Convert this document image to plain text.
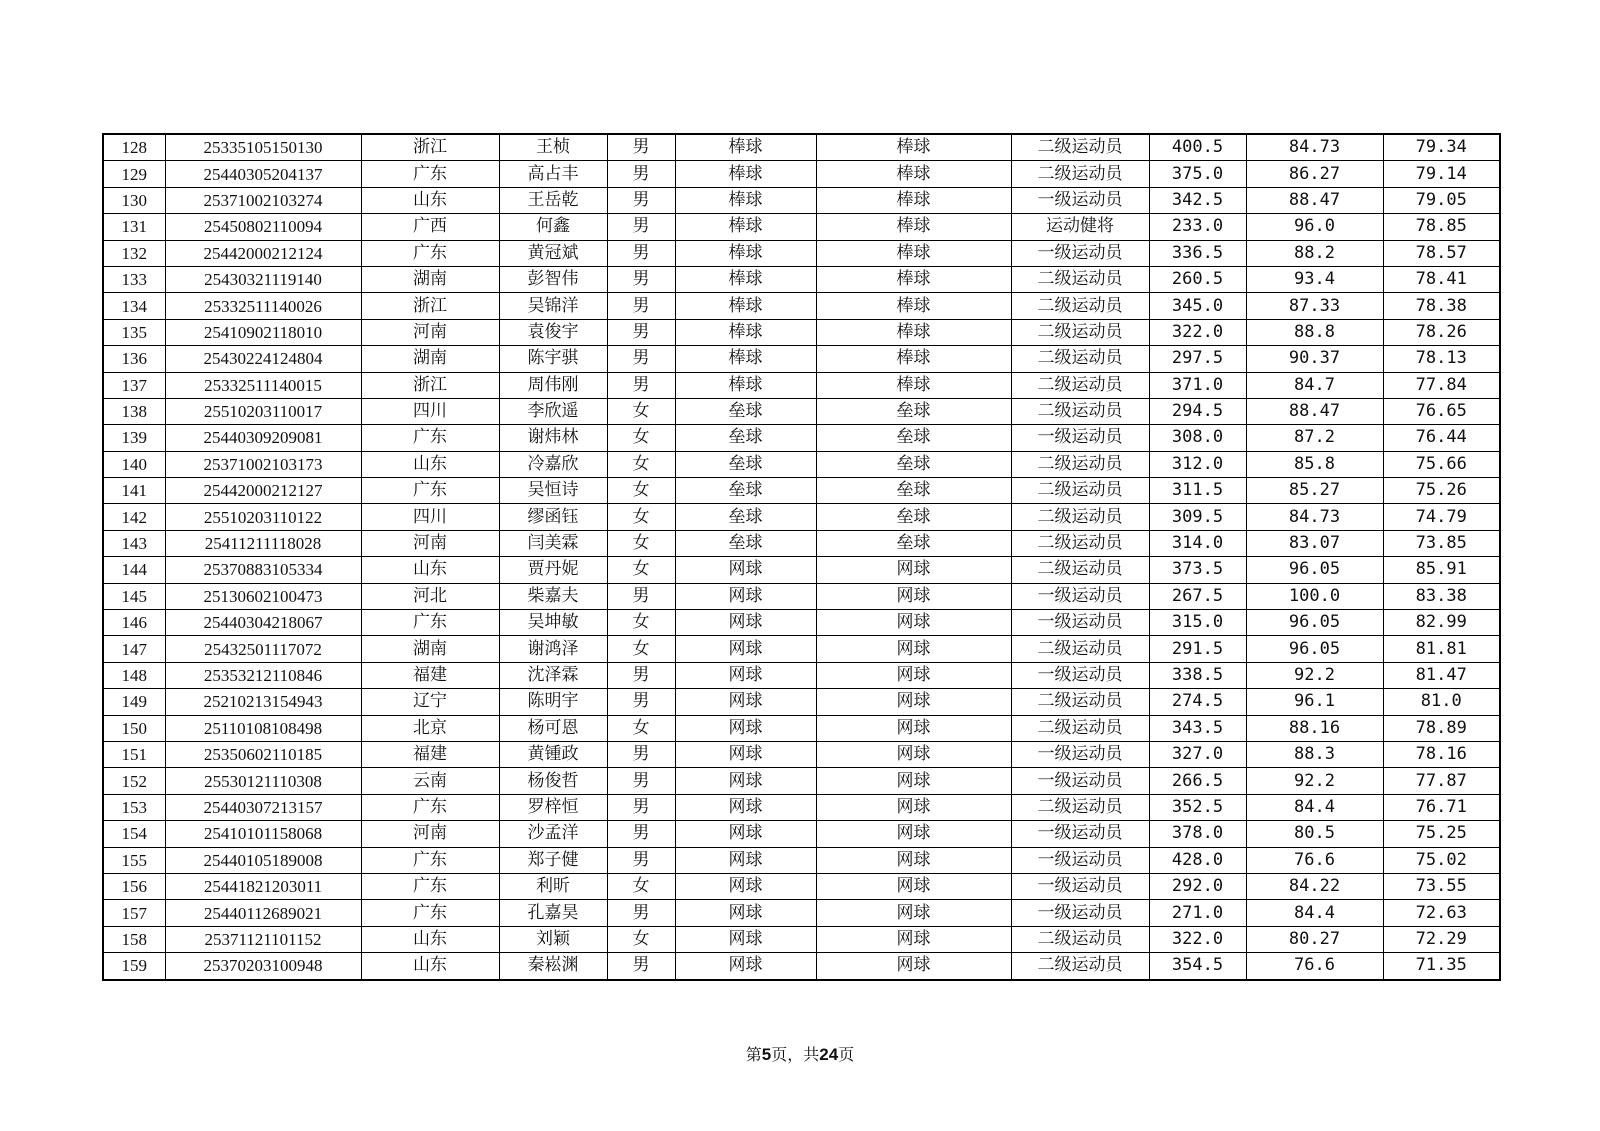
128	25335105150130	浙江	王桢	男	棒球	棒球	二级运动员	400.5	84.73	79.34
129	25440305204137	广东	高占丰	男	棒球	棒球	二级运动员	375.0	86.27	79.14
130	25371002103274	山东	王岳乾	男	棒球	棒球	一级运动员	342.5	88.47	79.05
131	25450802110094	广西	何鑫	男	棒球	棒球	运动健将	233.0	96.0	78.85
132	25442000212124	广东	黄冠斌	男	棒球	棒球	一级运动员	336.5	88.2	78.57
133	25430321119140	湖南	彭智伟	男	棒球	棒球	二级运动员	260.5	93.4	78.41
134	25332511140026	浙江	吴锦洋	男	棒球	棒球	二级运动员	345.0	87.33	78.38
135	25410902118010	河南	袁俊宇	男	棒球	棒球	二级运动员	322.0	88.8	78.26
136	25430224124804	湖南	陈宇骐	男	棒球	棒球	二级运动员	297.5	90.37	78.13
137	25332511140015	浙江	周伟刚	男	棒球	棒球	二级运动员	371.0	84.7	77.84
138	25510203110017	四川	李欣遥	女	垒球	垒球	二级运动员	294.5	88.47	76.65
139	25440309209081	广东	谢炜林	女	垒球	垒球	一级运动员	308.0	87.2	76.44
140	25371002103173	山东	冷嘉欣	女	垒球	垒球	二级运动员	312.0	85.8	75.66
141	25442000212127	广东	吴恒诗	女	垒球	垒球	二级运动员	311.5	85.27	75.26
142	25510203110122	四川	缪函钰	女	垒球	垒球	二级运动员	309.5	84.73	74.79
143	25411211118028	河南	闫美霖	女	垒球	垒球	二级运动员	314.0	83.07	73.85
144	25370883105334	山东	贾丹妮	女	网球	网球	二级运动员	373.5	96.05	85.91
145	25130602100473	河北	柴嘉夫	男	网球	网球	一级运动员	267.5	100.0	83.38
146	25440304218067	广东	吴坤敏	女	网球	网球	一级运动员	315.0	96.05	82.99
147	25432501117072	湖南	谢鸿泽	女	网球	网球	二级运动员	291.5	96.05	81.81
148	25353212110846	福建	沈泽霖	男	网球	网球	一级运动员	338.5	92.2	81.47
149	25210213154943	辽宁	陈明宇	男	网球	网球	二级运动员	274.5	96.1	81.0
150	25110108108498	北京	杨可恩	女	网球	网球	二级运动员	343.5	88.16	78.89
151	25350602110185	福建	黄锺政	男	网球	网球	一级运动员	327.0	88.3	78.16
152	25530121110308	云南	杨俊哲	男	网球	网球	一级运动员	266.5	92.2	77.87
153	25440307213157	广东	罗梓恒	男	网球	网球	二级运动员	352.5	84.4	76.71
154	25410101158068	河南	沙孟洋	男	网球	网球	一级运动员	378.0	80.5	75.25
155	25440105189008	广东	郑子健	男	网球	网球	一级运动员	428.0	76.6	75.02
156	25441821203011	广东	利昕	女	网球	网球	一级运动员	292.0	84.22	73.55
157	25440112689021	广东	孔嘉昊	男	网球	网球	一级运动员	271.0	84.4	72.63
158	25371121101152	山东	刘颖	女	网球	网球	二级运动员	322.0	80.27	72.29
159	25370203100948	山东	秦崧渊	男	网球	网球	二级运动员	354.5	76.6	71.35
第5页，共24页
